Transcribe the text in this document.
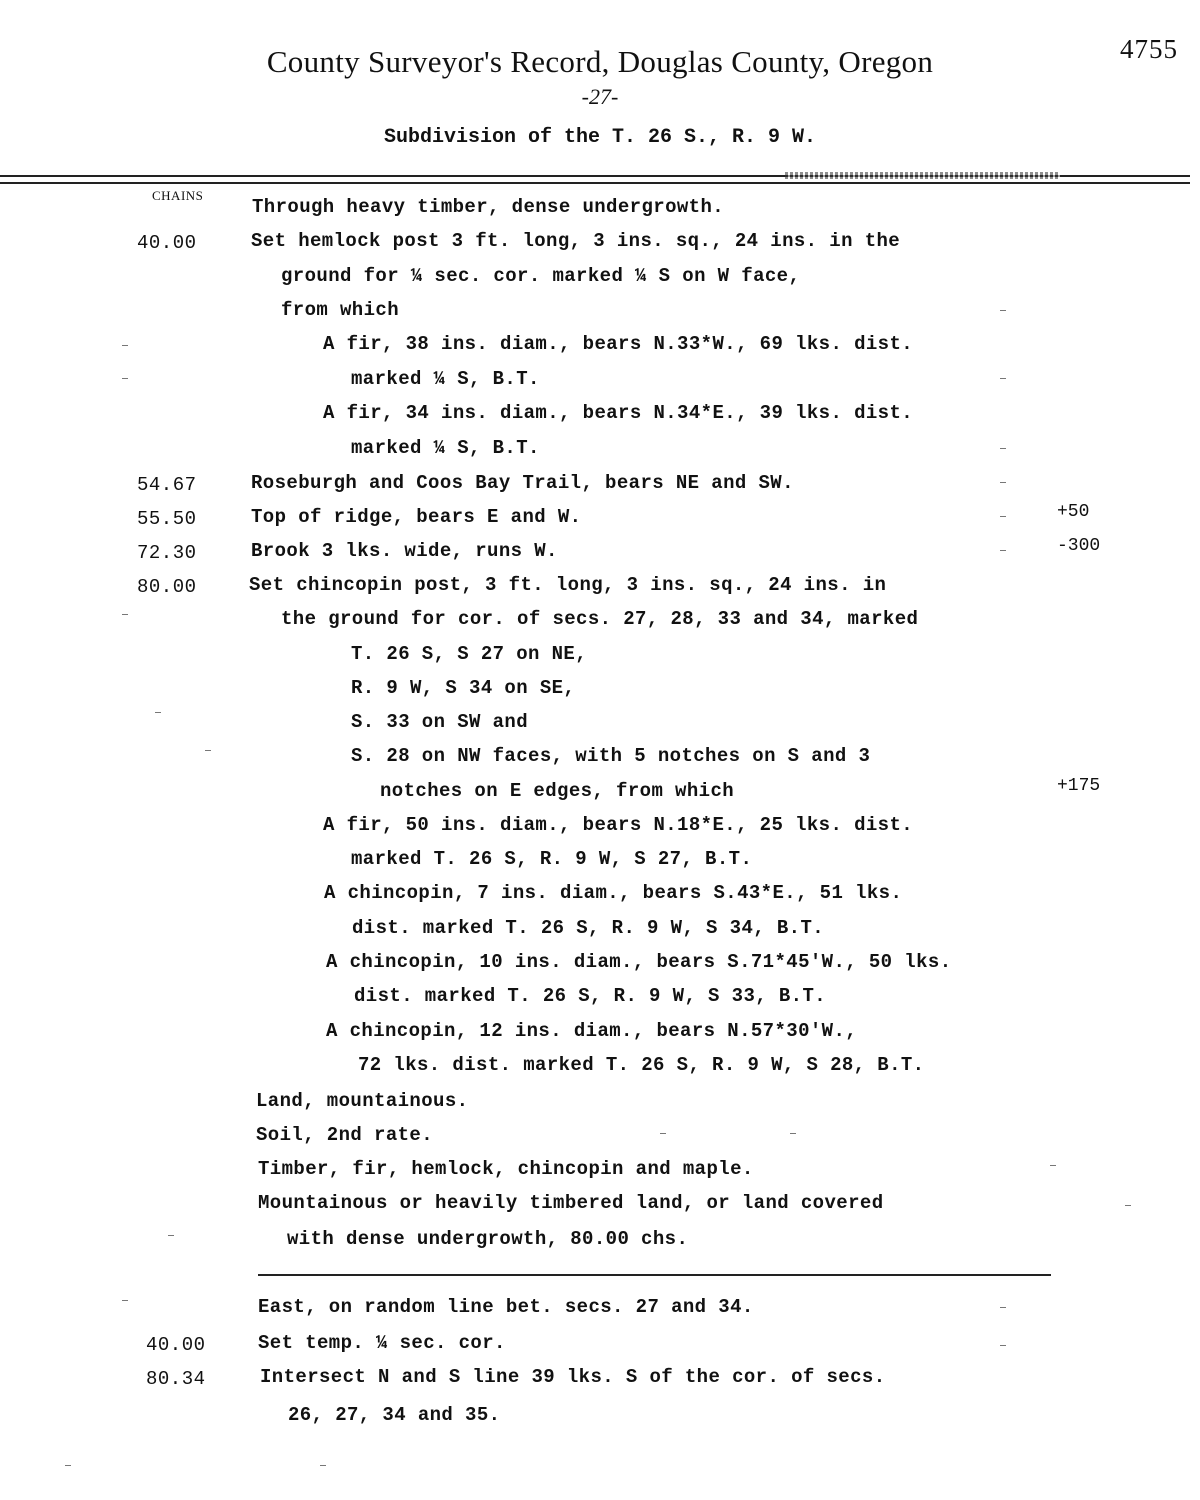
County Surveyor's Record, Douglas County, Oregon	4755
-27-
Subdivision of the T. 26 S., R. 9 W.
CHAINS
Through heavy timber, dense undergrowth.
40.00	Set hemlock post 3 ft. long, 3 ins. sq., 24 ins. in the
ground for ¼ sec. cor. marked ¼ S on W face,
from which
A fir, 38 ins. diam., bears N.33*W., 69 lks. dist.
marked ¼ S, B.T.
A fir, 34 ins. diam., bears N.34*E., 39 lks. dist.
marked ¼ S, B.T.
54.67	Roseburgh and Coos Bay Trail, bears NE and SW.
55.50	Top of ridge, bears E and W.	+50
72.30	Brook 3 lks. wide, runs W.	-300
80.00	Set chincopin post, 3 ft. long, 3 ins. sq., 24 ins. in
the ground for cor. of secs. 27, 28, 33 and 34, marked
T. 26 S, S 27 on NE,
R. 9 W, S 34 on SE,
S. 33 on SW and
S. 28 on NW faces, with 5 notches on S and 3
notches on E edges, from which	+175
A fir, 50 ins. diam., bears N.18*E., 25 lks. dist.
marked T. 26 S, R. 9 W, S 27, B.T.
A chincopin, 7 ins. diam., bears S.43*E., 51 lks.
dist. marked T. 26 S, R. 9 W, S 34, B.T.
A chincopin, 10 ins. diam., bears S.71*45'W., 50 lks.
dist. marked T. 26 S, R. 9 W, S 33, B.T.
A chincopin, 12 ins. diam., bears N.57*30'W.,
72 lks. dist. marked T. 26 S, R. 9 W, S 28, B.T.
Land, mountainous.
Soil, 2nd rate.
Timber, fir, hemlock, chincopin and maple.
Mountainous or heavily timbered land, or land covered
with dense undergrowth, 80.00 chs.
East, on random line bet. secs. 27 and 34.
40.00	Set temp. ¼ sec. cor.
80.34	Intersect N and S line 39 lks. S of the cor. of secs.
26, 27, 34 and 35.
